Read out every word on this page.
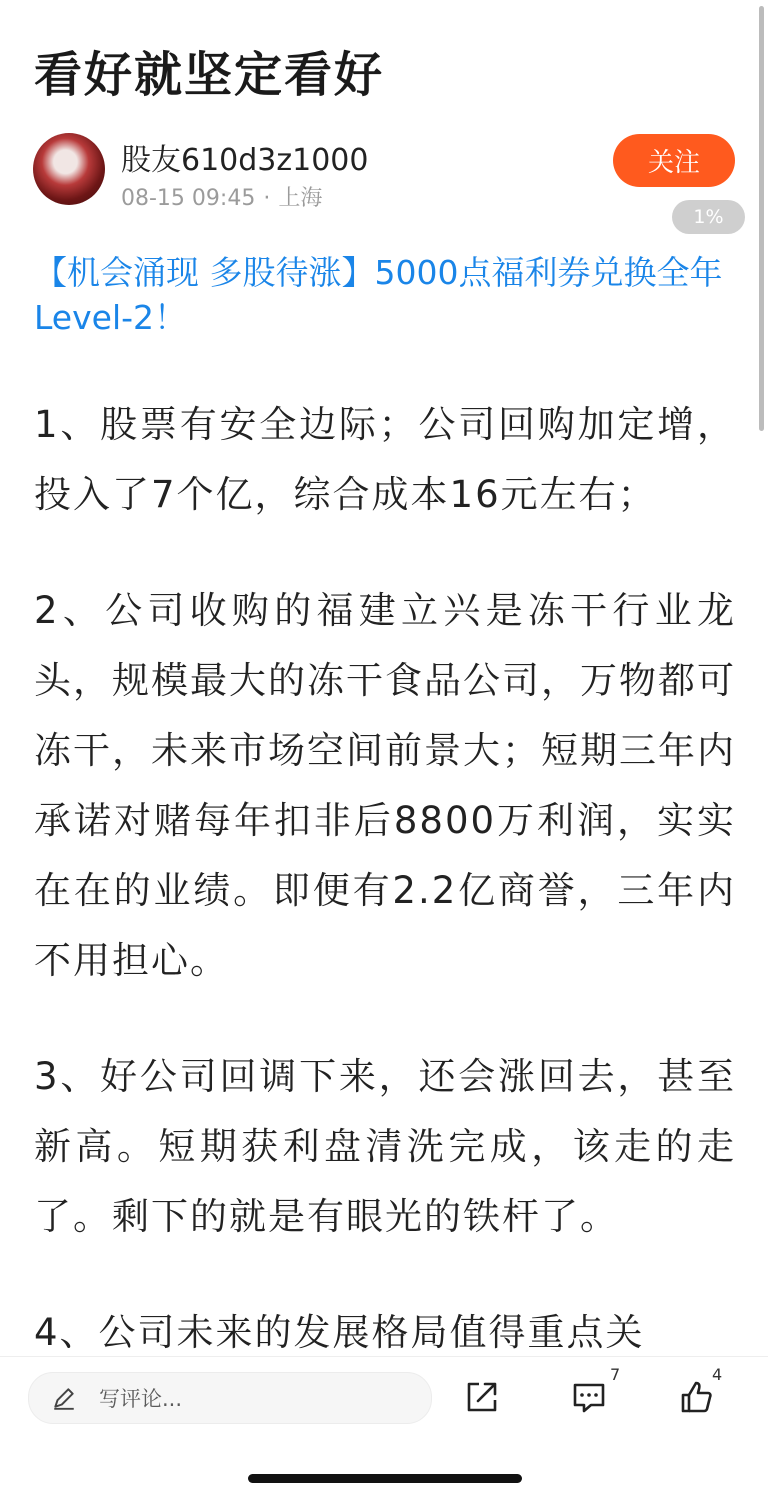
看好就坚定看好
股友610d3z1000
08-15 09:45 · 上海
关注
1%
【机会涌现 多股待涨】5000点福利券兑换全年Level-2！

1、股票有安全边际；公司回购加定增，投入了7个亿，综合成本16元左右；

2、公司收购的福建立兴是冻干行业龙头，规模最大的冻干食品公司，万物都可冻干，未来市场空间前景大；短期三年内承诺对赌每年扣非后8800万利润，实实在在的业绩。即便有2.2亿商誉，三年内不用担心。

3、好公司回调下来，还会涨回去，甚至新高。短期获利盘清洗完成，该走的走了。剩下的就是有眼光的铁杆了。

4、公司未来的发展格局值得重点关

写评论...
7	4
